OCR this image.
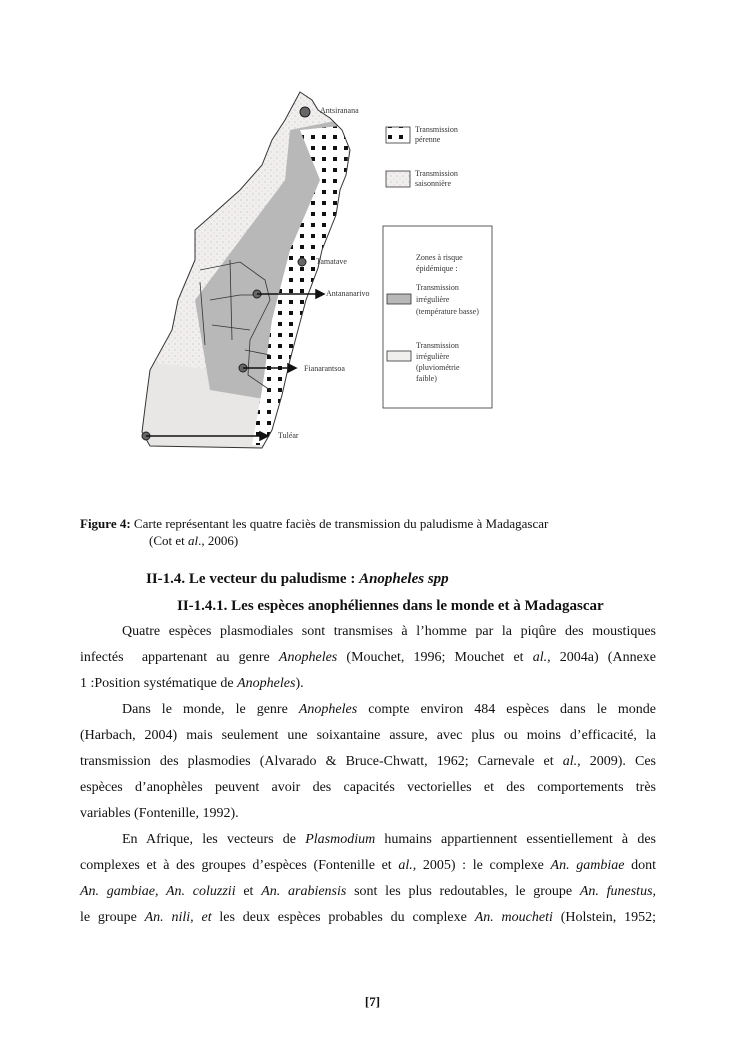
Antsiranana
Tamatave
Antananarivo
Fianarantsoa
Tuléar
Transmission
pérenne
Transmission
saisonnière
Zones à risque
épidémique :
Transmission
irrégulière
(température basse)
Transmission
irrégulière
(pluviométrie
faible)
Figure 4: Carte représentant les quatre faciès de transmission du paludisme à Madagascar
(Cot et al., 2006)
II-1.4. Le vecteur du paludisme : Anopheles spp
II-1.4.1. Les espèces anophéliennes dans le monde et à Madagascar
Quatre espèces plasmodiales sont transmises à l’homme par la piqûre des moustiques
infectés  appartenant au genre Anopheles (Mouchet, 1996; Mouchet et al., 2004a) (Annexe
1 :Position systématique de Anopheles).
Dans le monde, le genre Anopheles compte environ 484 espèces dans le monde
(Harbach, 2004) mais seulement une soixantaine assure, avec plus ou moins d’efficacité, la
transmission des plasmodies (Alvarado & Bruce-Chwatt, 1962; Carnevale et al., 2009). Ces
espèces d’anophèles peuvent avoir des capacités vectorielles et des comportements très
variables (Fontenille, 1992).
En Afrique, les vecteurs de Plasmodium humains appartiennent essentiellement à des
complexes et à des groupes d’espèces (Fontenille et al., 2005) : le complexe An. gambiae dont
An. gambiae, An. coluzzii et An. arabiensis sont les plus redoutables, le groupe An. funestus,
le groupe An. nili, et les deux espèces probables du complexe An. moucheti (Holstein, 1952;
[7]
